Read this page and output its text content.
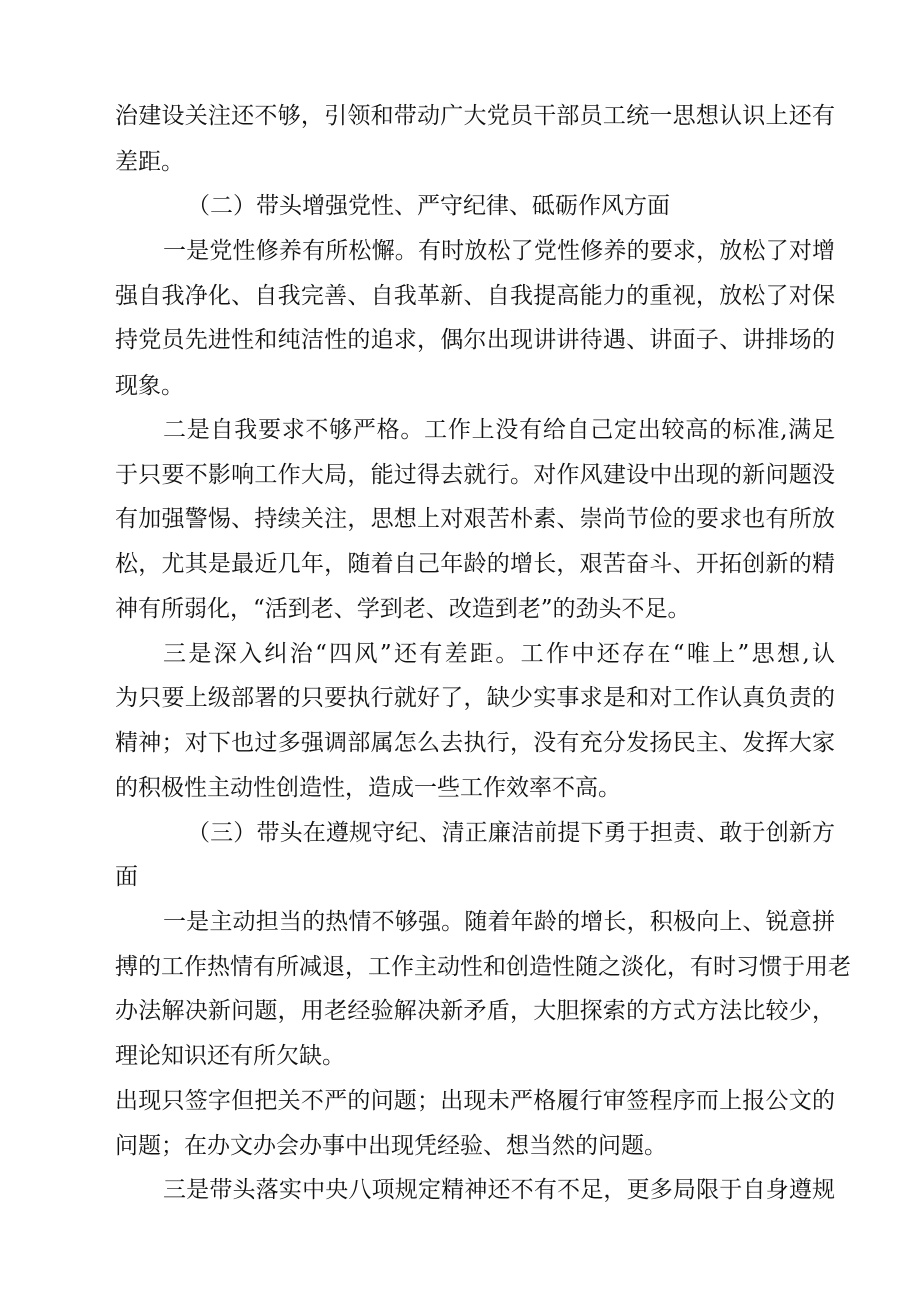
治建设关注还不够，引领和带动广大党员干部员工统一思想认识上还有
差距。
（二）带头增强党性、严守纪律、砥砺作风方面
一是党性修养有所松懈。有时放松了党性修养的要求，放松了对增
强自我净化、自我完善、自我革新、自我提高能力的重视，放松了对保
持党员先进性和纯洁性的追求，偶尔出现讲讲待遇、讲面子、讲排场的
现象。
二是自我要求不够严格。工作上没有给自己定出较高的标准,满足
于只要不影响工作大局，能过得去就行。对作风建设中出现的新问题没
有加强警惕、持续关注，思想上对艰苦朴素、崇尚节俭的要求也有所放
松，尤其是最近几年，随着自己年龄的增长，艰苦奋斗、开拓创新的精
神有所弱化，“活到老、学到老、改造到老”的劲头不足。
三是深入纠治“四风”还有差距。工作中还存在“唯上”思想,认
为只要上级部署的只要执行就好了，缺少实事求是和对工作认真负责的
精神；对下也过多强调部属怎么去执行，没有充分发扬民主、发挥大家
的积极性主动性创造性，造成一些工作效率不高。
（三）带头在遵规守纪、清正廉洁前提下勇于担责、敢于创新方
面
一是主动担当的热情不够强。随着年龄的增长，积极向上、锐意拼
搏的工作热情有所减退，工作主动性和创造性随之淡化，有时习惯于用老
办法解决新问题，用老经验解决新矛盾，大胆探索的方式方法比较少，
理论知识还有所欠缺。
出现只签字但把关不严的问题；出现未严格履行审签程序而上报公文的
问题；在办文办会办事中出现凭经验、想当然的问题。
三是带头落实中央八项规定精神还不有不足，更多局限于自身遵规
